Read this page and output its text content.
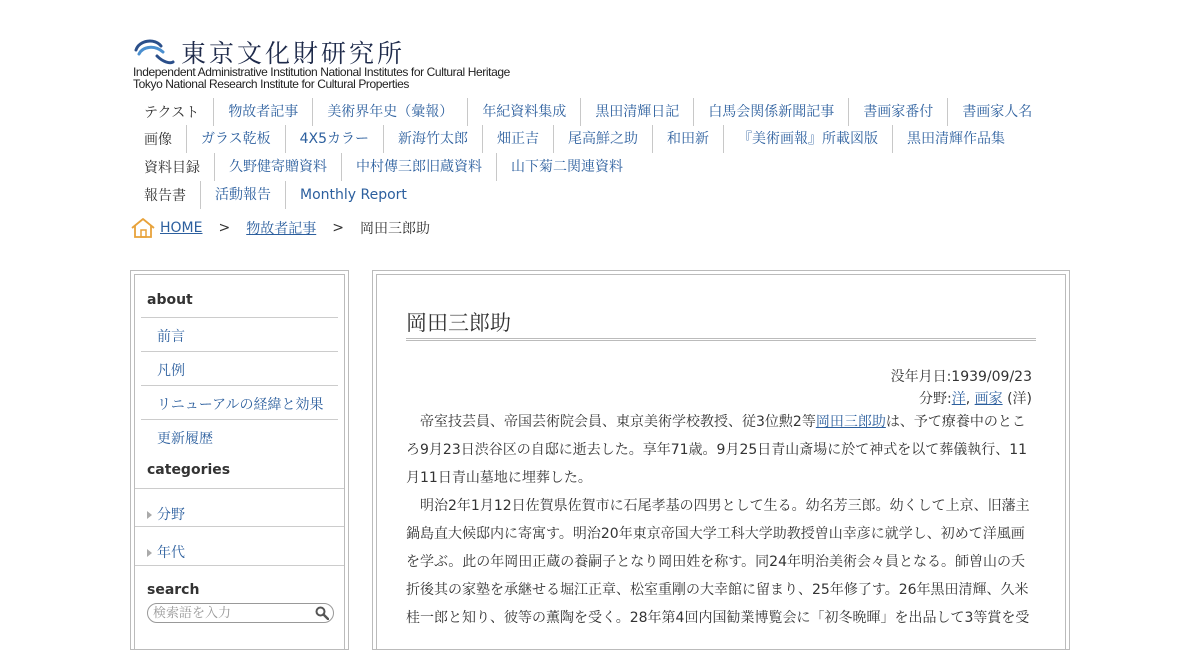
東京文化財研究所
Independent Administrative Institution National Institutes for Cultural Heritage
Tokyo National Research Institute for Cultural Properties
テクスト	物故者記事	美術界年史（彙報）	年紀資料集成	黒田清輝日記	白馬会関係新聞記事	書画家番付	書画家人名
画像	ガラス乾板	4X5カラー	新海竹太郎	畑正吉	尾高鮮之助	和田新	『美術画報』所載図版	黒田清輝作品集
資料目録	久野健寄贈資料	中村傳三郎旧蔵資料	山下菊二関連資料
報告書	活動報告	Monthly Report
HOME > 物故者記事 > 岡田三郎助
about
前言
凡例
リニューアルの経緯と効果
更新履歴
categories
分野
年代
search
検索語を入力
岡田三郎助
没年月日:1939/09/23
分野:洋, 画家 (洋)

帝室技芸員、帝国芸術院会員、東京美術学校教授、従3位勲2等岡田三郎助は、予て療養中のところ9月23日渋谷区の自邸に逝去した。享年71歳。9月25日青山斎場に於て神式を以て葬儀執行、11月11日青山墓地に埋葬した。

明治2年1月12日佐賀県佐賀市に石尾孝基の四男として生る。幼名芳三郎。幼くして上京、旧藩主鍋島直大候邸内に寄寓す。明治20年東京帝国大学工科大学助教授曽山幸彦に就学し、初めて洋風画を学ぶ。此の年岡田正蔵の養嗣子となり岡田姓を称す。同24年明治美術会々員となる。師曽山の夭折後其の家塾を承継せる堀江正章、松室重剛の大幸館に留まり、25年修了す。26年黒田清輝、久米桂一郎と知り、彼等の薫陶を受く。28年第4回内国勧業博覧会に「初冬晩暉」を出品して3等賞を受
